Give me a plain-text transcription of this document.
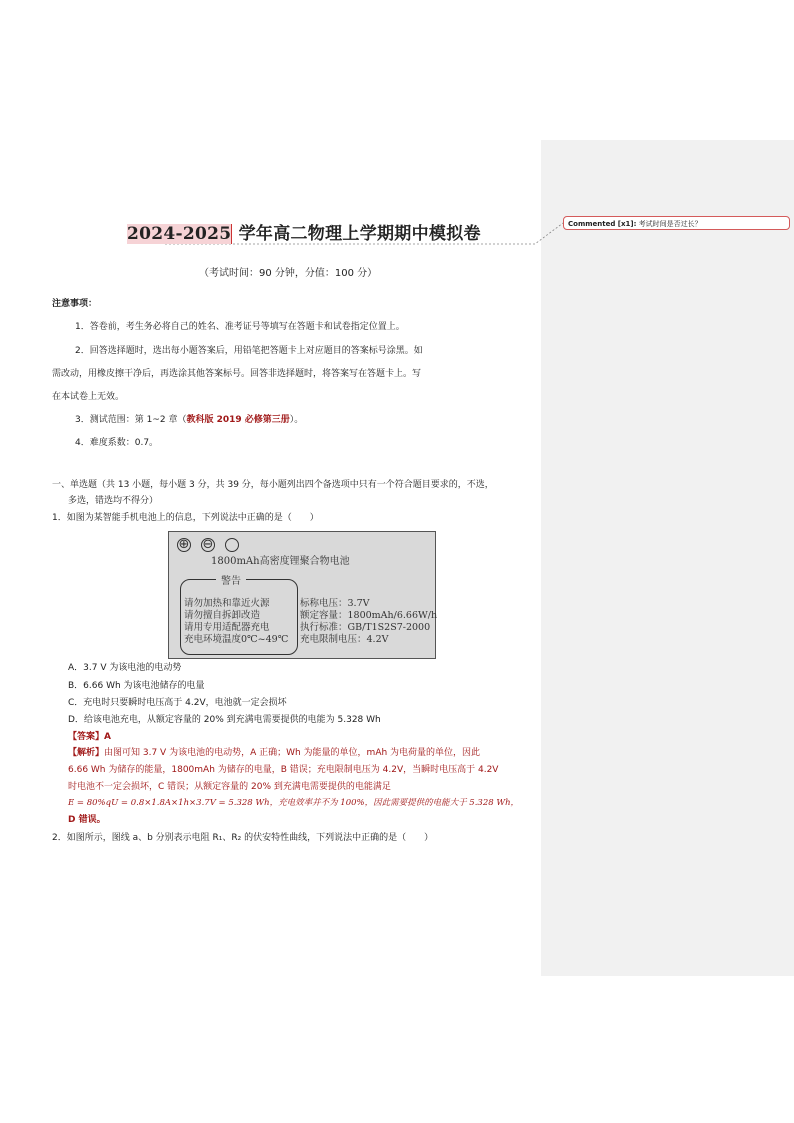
Commented [x1]: 考试时间是否过长？
2024-2025 学年高二物理上学期期中模拟卷
（考试时间：90 分钟，分值：100 分）
注意事项：
1．答卷前，考生务必将自己的姓名、准考证号等填写在答题卡和试卷指定位置上。
2．回答选择题时，选出每小题答案后，用铅笔把答题卡上对应题目的答案标号涂黑。如
需改动，用橡皮擦干净后，再选涂其他答案标号。回答非选择题时，将答案写在答题卡上。写
在本试卷上无效。
3．测试范围：第 1~2 章（教科版 2019 必修第三册）。
4．难度系数：0.7。
一、单选题（共 13 小题，每小题 3 分，共 39 分，每小题列出四个备选项中只有一个符合题目要求的，不选，
多选，错选均不得分）
1．如图为某智能手机电池上的信息，下列说法中正确的是（　　）
⊕ ⊖
1800mAh高密度锂聚合物电池
警告
请勿加热和靠近火源
请勿擅自拆卸改造
请用专用适配器充电
充电环境温度0℃~49℃
标称电压：3.7V
额定容量：1800mAh/6.66W/h
执行标准：GB/T1S2S7-2000
充电限制电压：4.2V
A．3.7 V 为该电池的电动势
B．6.66 Wh 为该电池储存的电量
C．充电时只要瞬时电压高于 4.2V，电池就一定会损坏
D．给该电池充电，从额定容量的 20% 到充满电需要提供的电能为 5.328 Wh
【答案】A
【解析】由图可知 3.7 V 为该电池的电动势，A 正确；Wh 为能量的单位，mAh 为电荷量的单位，因此
6.66 Wh 为储存的能量，1800mAh 为储存的电量，B 错误；充电限制电压为 4.2V，当瞬时电压高于 4.2V
时电池不一定会损坏，C 错误；从额定容量的 20% 到充满电需要提供的电能满足
E = 80%qU = 0.8×1.8A×1h×3.7V = 5.328 Wh，充电效率并不为 100%，因此需要提供的电能大于 5.328 Wh，
D 错误。
2．如图所示，图线 a、b 分别表示电阻 R₁、R₂ 的伏安特性曲线，下列说法中正确的是（　　）
